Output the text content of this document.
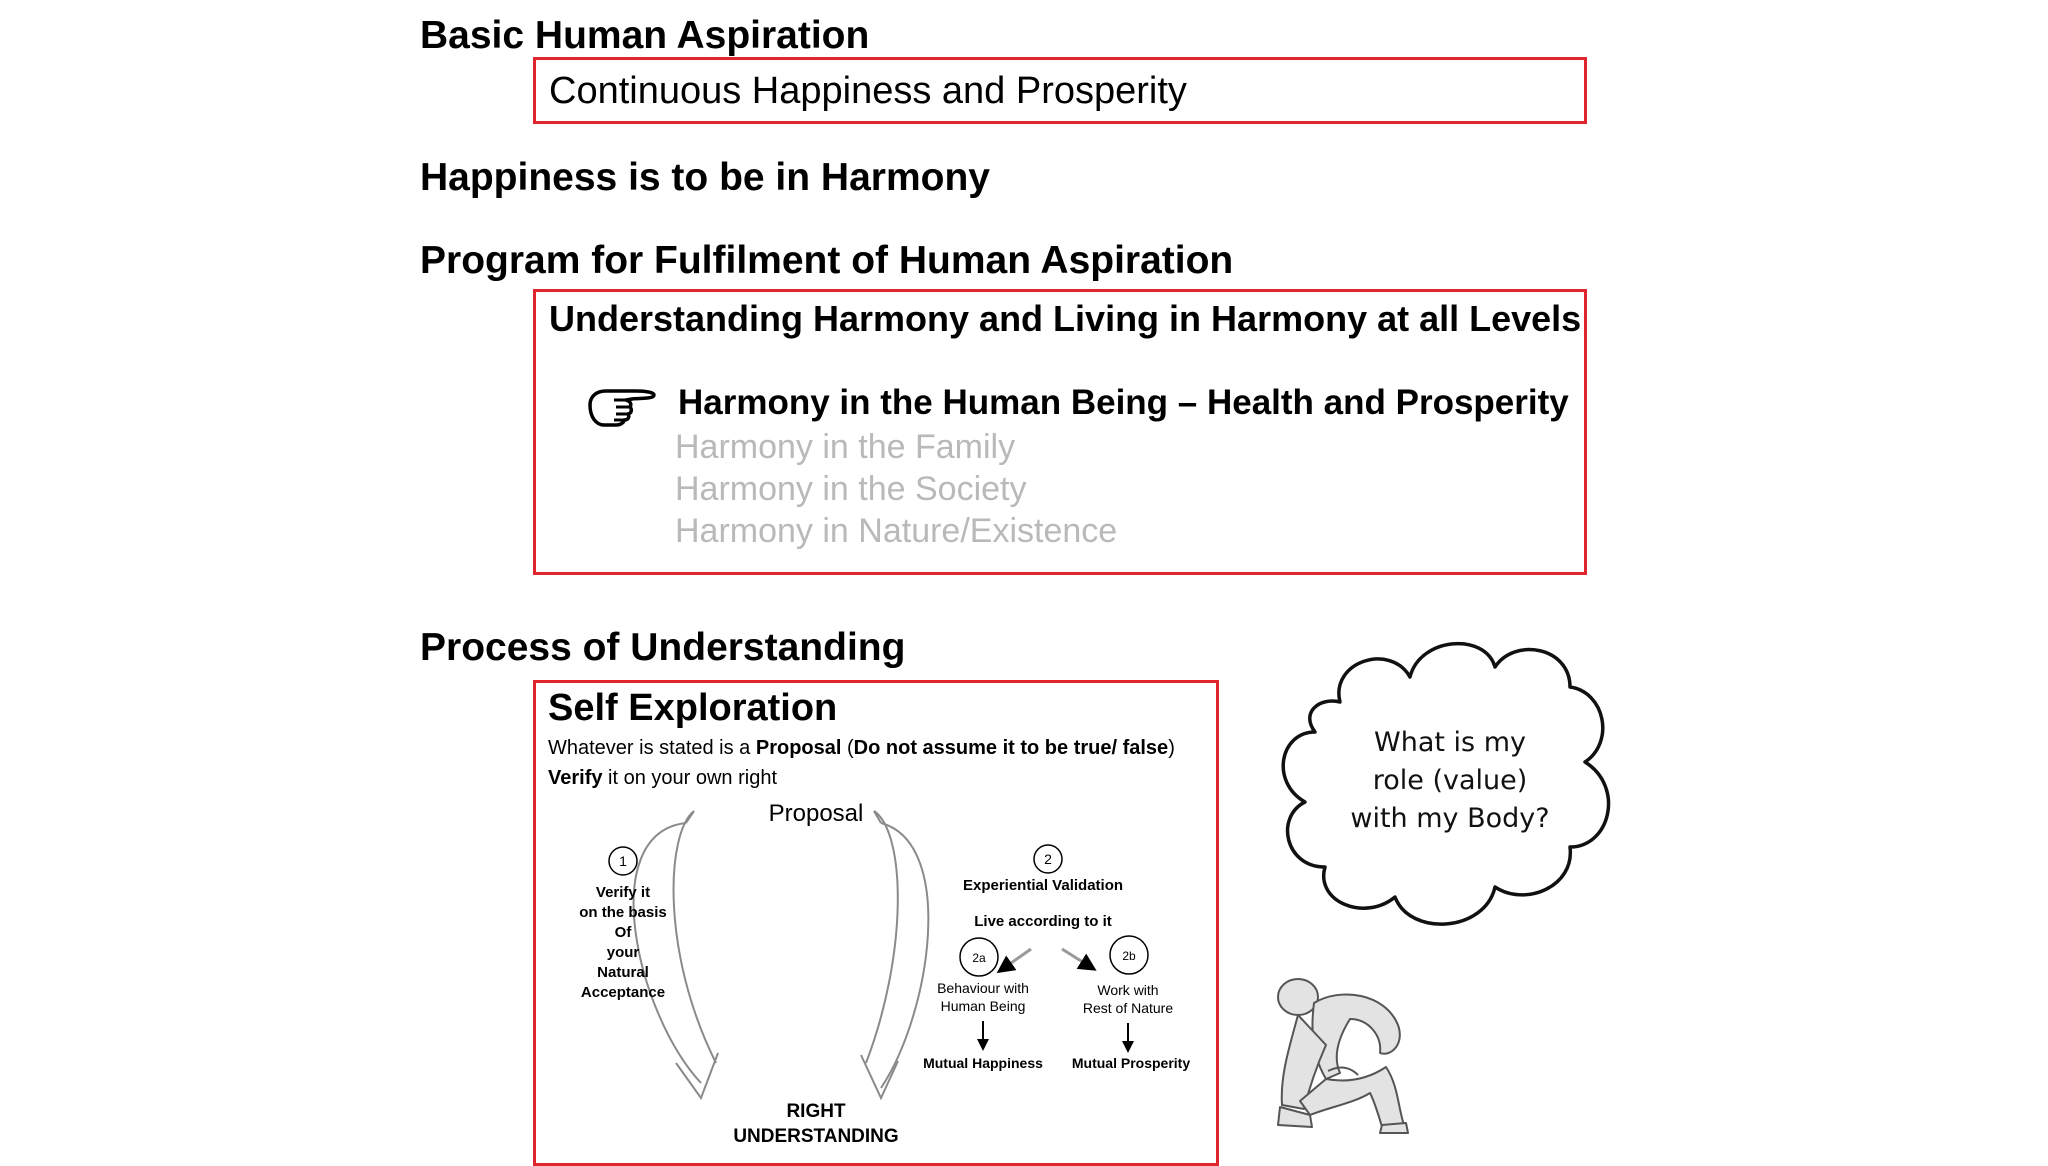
Basic Human Aspiration
Continuous Happiness and Prosperity
Happiness is to be in Harmony
Program for Fulfilment of Human Aspiration
Understanding Harmony and Living in Harmony at all Levels
Harmony in the Human Being – Health and Prosperity
Harmony in the Family
Harmony in the Society
Harmony in Nature/Existence
Process of Understanding
Self Exploration
Whatever is stated is a Proposal (Do not assume it to be true/ false)
Verify it on your own right
Proposal
1
Verify it
on the basis
Of
your
Natural
Acceptance
2
Experiential Validation
Live according to it
2a	2b
Behaviour with
Human Being
Work with
Rest of Nature
Mutual Happiness Mutual Prosperity
RIGHT
UNDERSTANDING
What is my
role (value)
with my Body?
